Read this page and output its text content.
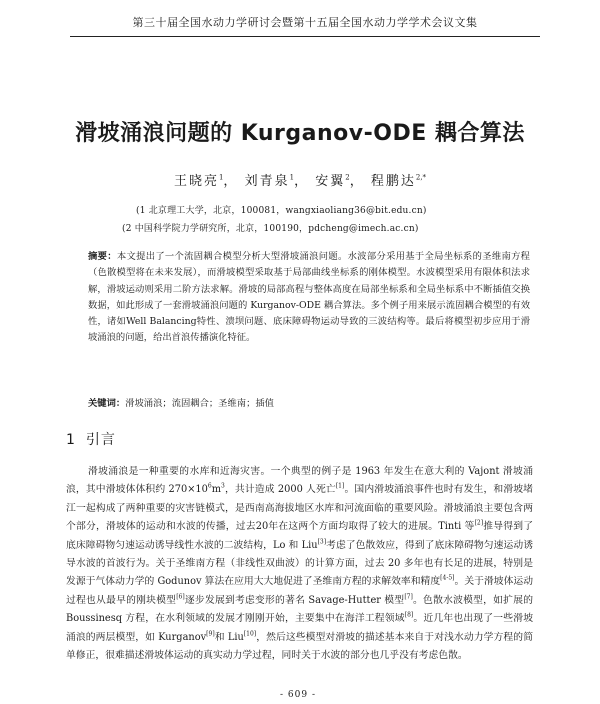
第三十届全国水动力学研讨会暨第十五届全国水动力学学术会议文集
滑坡涌浪问题的 Kurganov-ODE 耦合算法
王晓亮$^1$， 刘青泉$^1$， 安翼$^2$， 程鹏达$^{2,*}$
(1 北京理工大学，北京，100081，wangxiaoliang36@bit.edu.cn)
(2 中国科学院力学研究所，北京，100190，pdcheng@imech.ac.cn)
摘要：本文提出了一个流固耦合模型分析大型滑坡涌浪问题。水波部分采用基于全局坐标系的圣维南方程（色散模型将在未来发展），而滑坡模型采取基于局部曲线坐标系的刚体模型。水波模型采用有限体积法求解，滑坡运动则采用二阶方法求解。滑坡的局部高程与整体高度在局部坐标系和全局坐标系中不断插值交换数据，如此形成了一套滑坡涌浪问题的 Kurganov-ODE 耦合算法。多个例子用来展示流固耦合模型的有效性，诸如Well Balancing特性、溃坝问题、底床障碍物运动导致的三波结构等。最后将模型初步应用于滑坡涌浪的问题，给出首浪传播演化特征。
关键词：滑坡涌浪；流固耦合；圣维南；插值
1 引言
滑坡涌浪是一种重要的水库和近海灾害。一个典型的例子是 1963 年发生在意大利的 Vajont 滑坡涌浪，其中滑坡体体积约 $270\times 10^6m^3$，共计造成 2000 人死亡[1]。国内滑坡涌浪事件也时有发生，和滑坡堵江一起构成了两种重要的灾害链模式，是西南高海拔地区水库和河流面临的重要风险。滑坡涌浪主要包含两个部分，滑坡体的运动和水波的传播，过去20年在这两个方面均取得了较大的进展。Tinti 等[2]推导得到了底床障碍物匀速运动诱导线性水波的二波结构，Lo 和 Liu[3]考虑了色散效应，得到了底床障碍物匀速运动诱导水波的首波行为。关于圣维南方程（非线性双曲波）的计算方面，过去 20 多年也有长足的进展，特别是发源于气体动力学的 Godunov 算法在应用大大地促进了圣维南方程的求解效率和精度[4-5]。关于滑坡体运动过程也从最早的刚块模型[6]逐步发展到考虑变形的著名 Savage-Hutter 模型[7]。色散水波模型，如扩展的 Boussinesq 方程，在水利领域的发展才刚刚开始，主要集中在海洋工程领域[8]。近几年也出现了一些滑坡涌浪的两层模型，如 Kurganov[9]和 Liu[10]，然后这些模型对滑坡的描述基本来自于对浅水动力学方程的简单修正，很难描述滑坡体运动的真实动力学过程，同时关于水波的部分也几乎没有考虑色散。
- 609 -
